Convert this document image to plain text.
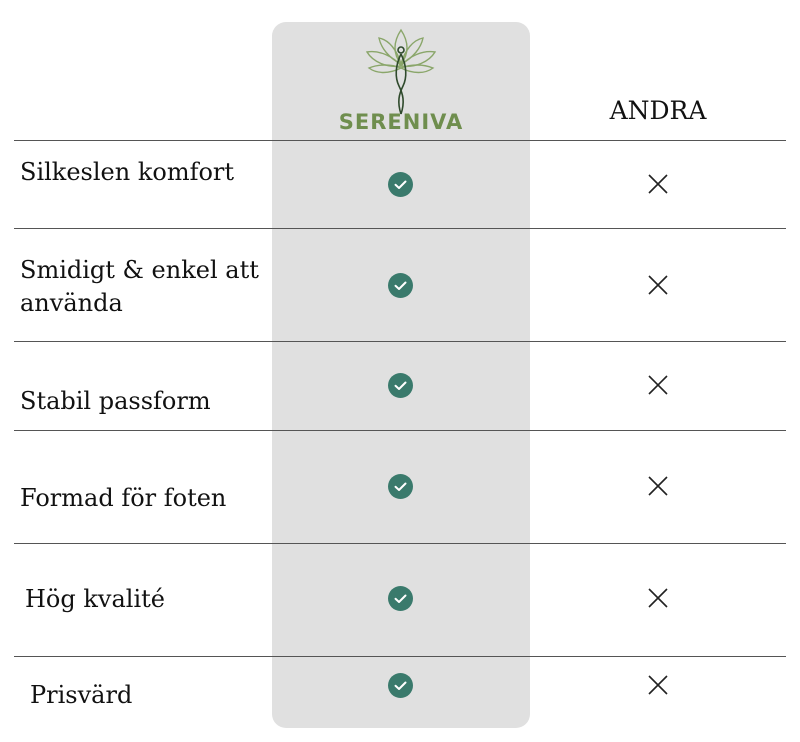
SERENIVA	ANDRA
Silkeslen komfort
Smidigt & enkel att
använda
Stabil passform
Formad för foten
Hög kvalité
Prisvärd
